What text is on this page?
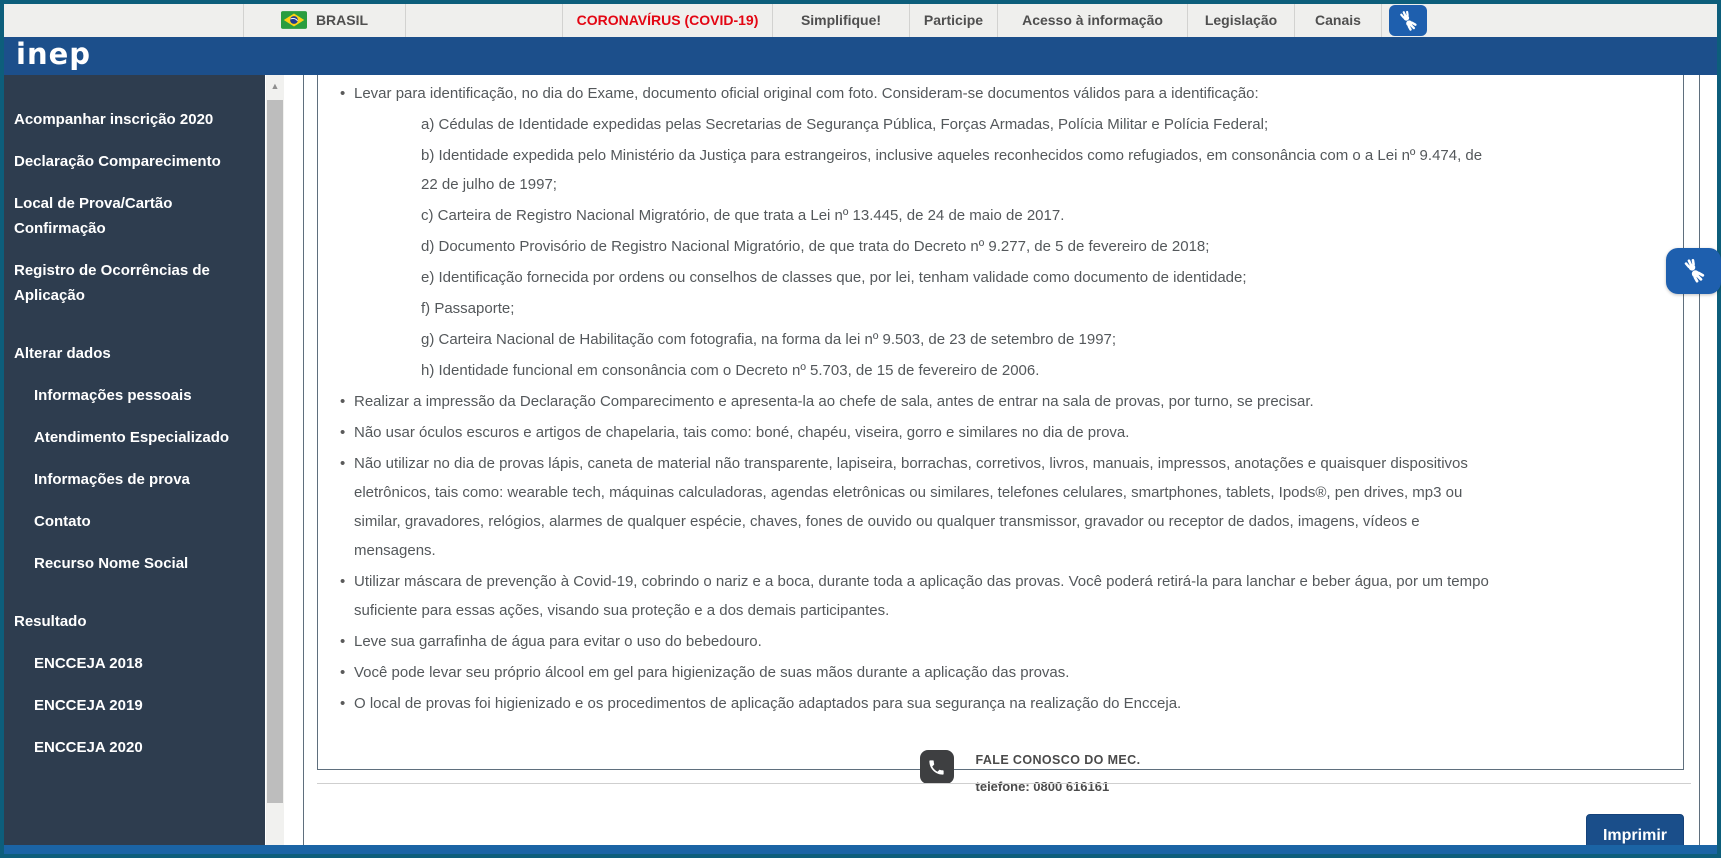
BRASIL	CORONAVÍRUS (COVID-19)	Simplifique!	Participe	Acesso à informação	Legislação	Canais
inep
Acompanhar inscrição 2020
Declaração Comparecimento
Local de Prova/Cartão Confirmação
Registro de Ocorrências de Aplicação
Alterar dados
Informações pessoais
Atendimento Especializado
Informações de prova
Contato
Recurso Nome Social
Resultado
ENCCEJA 2018
ENCCEJA 2019
ENCCEJA 2020
▲	• Levar para identificação, no dia do Exame, documento oficial original com foto. Consideram-se documentos válidos para a identificação:

a) Cédulas de Identidade expedidas pelas Secretarias de Segurança Pública, Forças Armadas, Polícia Militar e Polícia Federal;

b) Identidade expedida pelo Ministério da Justiça para estrangeiros, inclusive aqueles reconhecidos como refugiados, em consonância com o a Lei nº 9.474, de 22 de julho de 1997;

c) Carteira de Registro Nacional Migratório, de que trata a Lei nº 13.445, de 24 de maio de 2017.

d) Documento Provisório de Registro Nacional Migratório, de que trata do Decreto nº 9.277, de 5 de fevereiro de 2018;

e) Identificação fornecida por ordens ou conselhos de classes que, por lei, tenham validade como documento de identidade;

f) Passaporte;

g) Carteira Nacional de Habilitação com fotografia, na forma da lei nº 9.503, de 23 de setembro de 1997;

h) Identidade funcional em consonância com o Decreto nº 5.703, de 15 de fevereiro de 2006.

• Realizar a impressão da Declaração Comparecimento e apresenta-la ao chefe de sala, antes de entrar na sala de provas, por turno, se precisar.

• Não usar óculos escuros e artigos de chapelaria, tais como: boné, chapéu, viseira, gorro e similares no dia de prova.

• Não utilizar no dia de provas lápis, caneta de material não transparente, lapiseira, borrachas, corretivos, livros, manuais, impressos, anotações e quaisquer dispositivos eletrônicos, tais como: wearable tech, máquinas calculadoras, agendas eletrônicas ou similares, telefones celulares, smartphones, tablets, Ipods®, pen drives, mp3 ou similar, gravadores, relógios, alarmes de qualquer espécie, chaves, fones de ouvido ou qualquer transmissor, gravador ou receptor de dados, imagens, vídeos e mensagens.

• Utilizar máscara de prevenção à Covid-19, cobrindo o nariz e a boca, durante toda a aplicação das provas. Você poderá retirá-la para lanchar e beber água, por um tempo suficiente para essas ações, visando sua proteção e a dos demais participantes.

• Leve sua garrafinha de água para evitar o uso do bebedouro.

• Você pode levar seu próprio álcool em gel para higienização de suas mãos durante a aplicação das provas.

• O local de provas foi higienizado e os procedimentos de aplicação adaptados para sua segurança na realização do Encceja.

FALE CONOSCO DO MEC.
telefone: 0800 616161
Imprimir
